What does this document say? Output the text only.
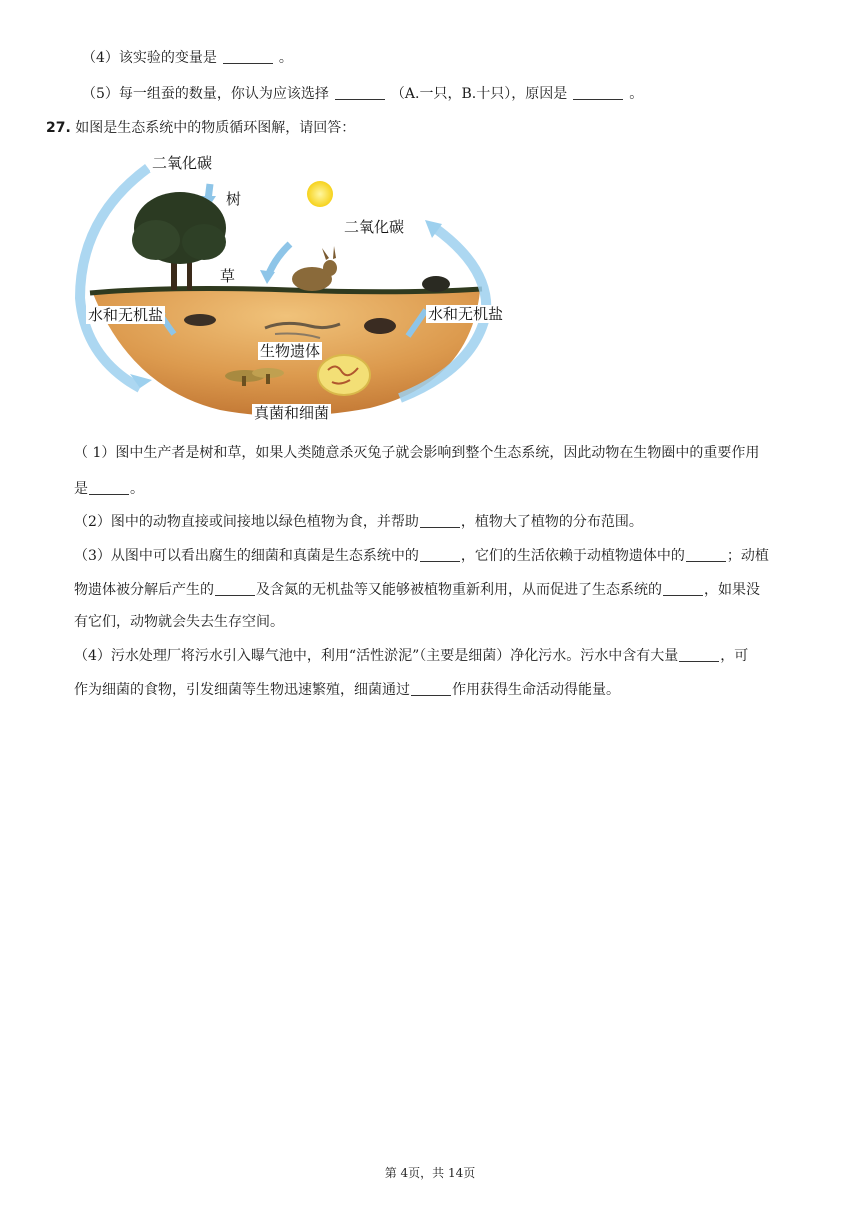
（4）该实验的变量是	。
（5）每一组蚕的数量，你认为应该选择	（A.一只，B.十只），原因是	。
27. 如图是生态系统中的物质循环图解，请回答：
二氧化碳
树
二氧化碳
草
水和无机盐	水和无机盐
生物遗体
真菌和细菌
（ 1）图中生产者是树和草，如果人类随意杀灭兔子就会影响到整个生态系统，因此动物在生物圈中的重要作用
是	。
（2）图中的动物直接或间接地以绿色植物为食，并帮助	，植物大了植物的分布范围。
（3）从图中可以看出腐生的细菌和真菌是生态系统中的	，它们的生活依赖于动植物遗体中的	；动植
物遗体被分解后产生的	及含氮的无机盐等又能够被植物重新利用，从而促进了生态系统的	，如果没
有它们，动物就会失去生存空间。
（4）污水处理厂将污水引入曝气池中，利用“活性淤泥”（主要是细菌）净化污水。污水中含有大量	，可
作为细菌的食物，引发细菌等生物迅速繁殖，细菌通过	作用获得生命活动得能量。
第 4页，共 14页
